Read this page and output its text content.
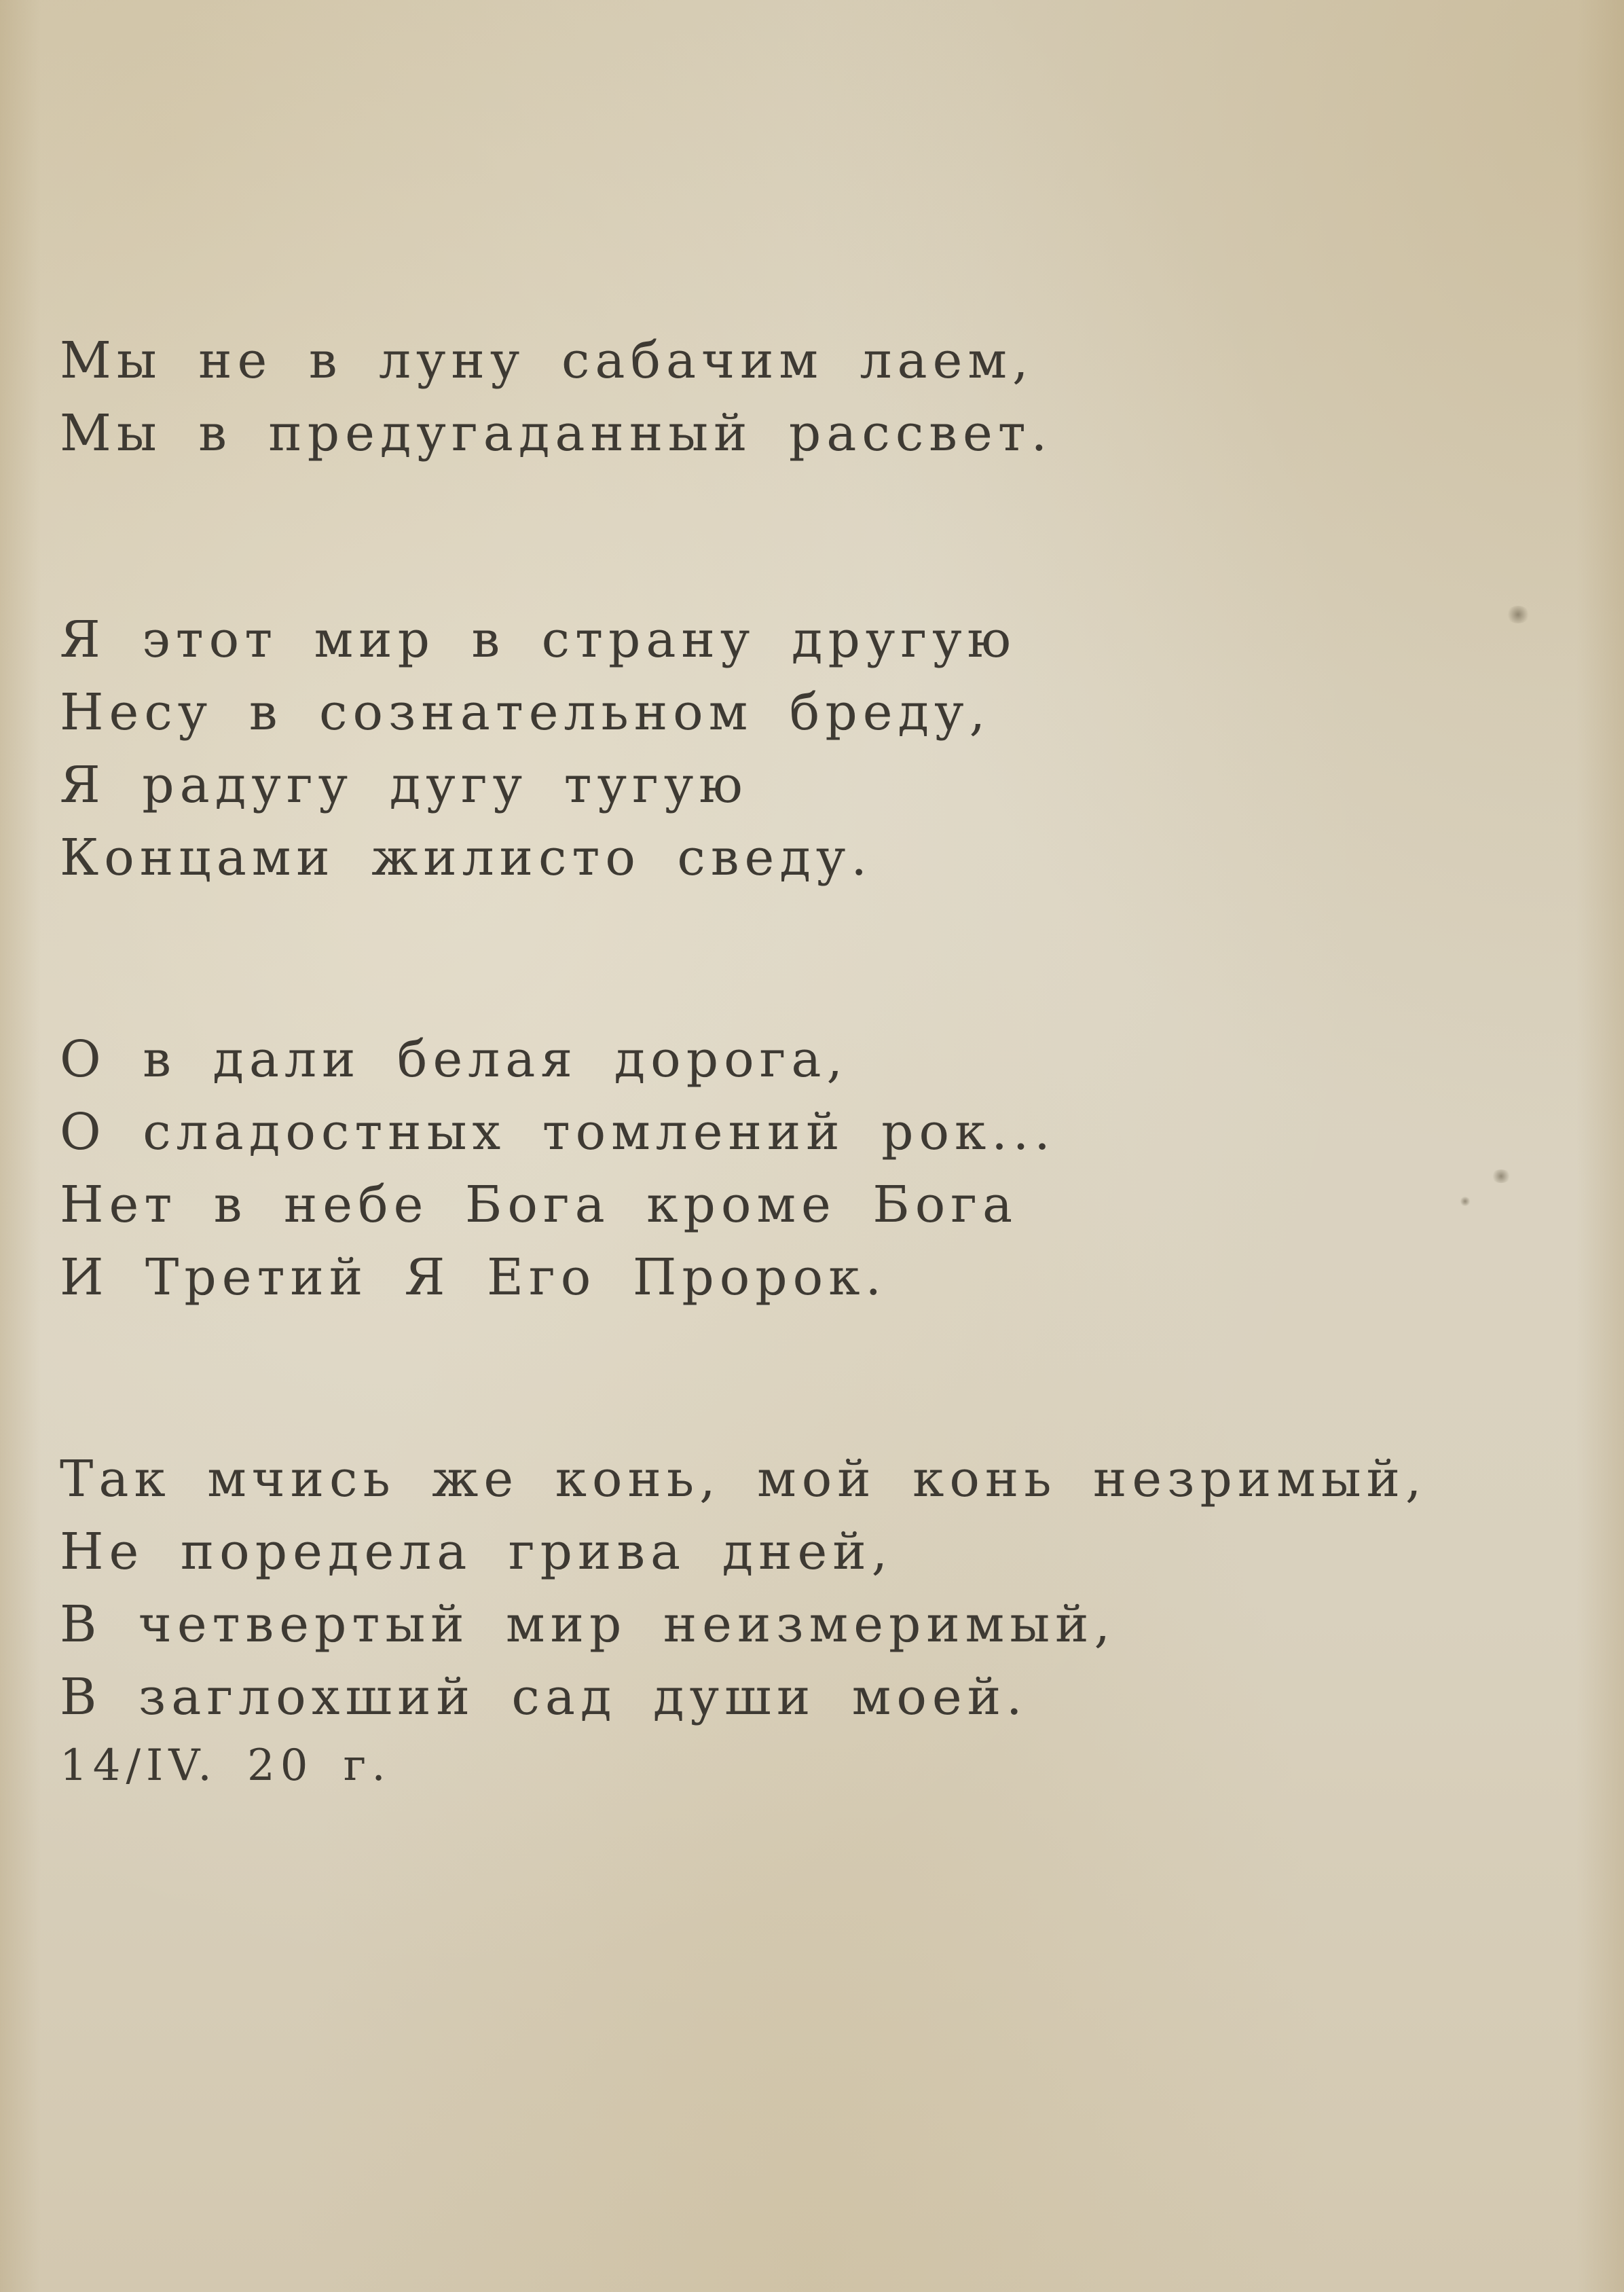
Мы не в луну сабачим лаем,
Мы в предугаданный рассвет.
Я этот мир в страну другую
Несу в сознательном бреду,
Я радугу дугу тугую
Концами жилисто сведу.
О в дали белая дорога,
О сладостных томлений рок...
Нет в небе Бога кроме Бога
И Третий Я Его Пророк.
Так мчись же конь, мой конь незримый,
Не поредела грива дней,
В четвертый мир неизмеримый,
В заглохший сад души моей.
14/IV. 20 г.
